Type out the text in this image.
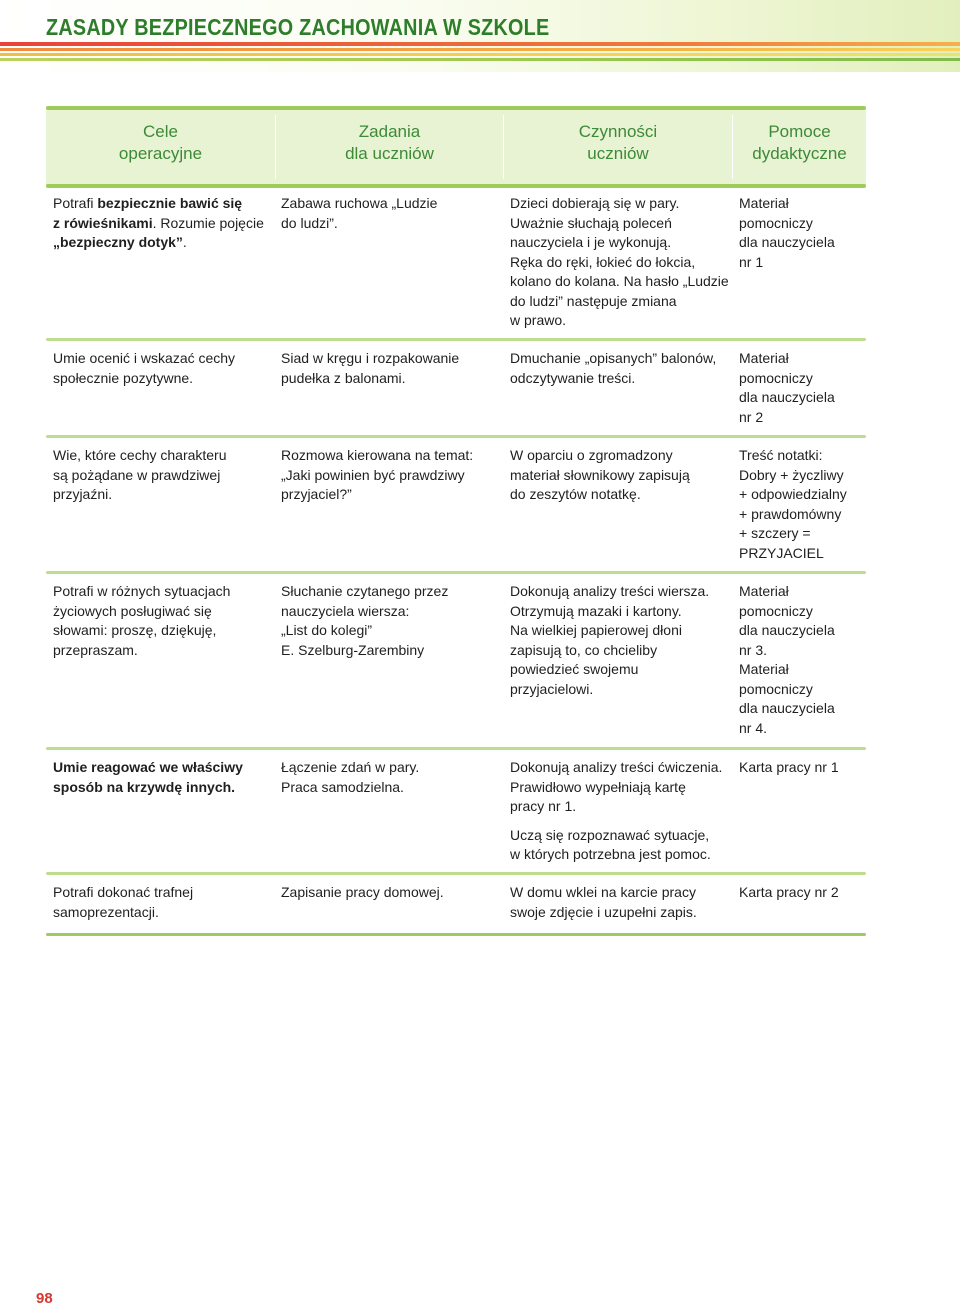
ZASADY BEZPIECZNEGO ZACHOWANIA W SZKOLE
Cele
operacyjne
Zadania
dla uczniów
Czynności
uczniów
Pomoce
dydaktyczne
Potrafi bezpiecznie bawić się
z rówieśnikami. Rozumie pojęcie
„bezpieczny dotyk”.
Zabawa ruchowa „Ludzie
do ludzi”.
Dzieci dobierają się w pary.
Uważnie słuchają poleceń
nauczyciela i je wykonują.
Ręka do ręki, łokieć do łokcia,
kolano do kolana. Na hasło „Ludzie
do ludzi” następuje zmiana
w prawo.
Materiał
pomocniczy
dla nauczyciela
nr 1
Umie ocenić i wskazać cechy
społecznie pozytywne.
Siad w kręgu i rozpakowanie
pudełka z balonami.
Dmuchanie „opisanych” balonów,
odczytywanie treści.
Materiał
pomocniczy
dla nauczyciela
nr 2
Wie, które cechy charakteru
są pożądane w prawdziwej
przyjaźni.
Rozmowa kierowana na temat:
„Jaki powinien być prawdziwy
przyjaciel?”
W oparciu o zgromadzony
materiał słownikowy zapisują
do zeszytów notatkę.
Treść notatki:
Dobry + życzliwy
+ odpowiedzialny
+ prawdomówny
+ szczery =
PRZYJACIEL
Potrafi w różnych sytuacjach
życiowych posługiwać się
słowami: proszę, dziękuję,
przepraszam.
Słuchanie czytanego przez
nauczyciela wiersza:
„List do kolegi”
E. Szelburg-Zarembiny
Dokonują analizy treści wiersza.
Otrzymują mazaki i kartony.
Na wielkiej papierowej dłoni
zapisują to, co chcieliby
powiedzieć swojemu
przyjacielowi.
Materiał
pomocniczy
dla nauczyciela
nr 3.
Materiał
pomocniczy
dla nauczyciela
nr 4.
Umie reagować we właściwy
sposób na krzywdę innych.
Łączenie zdań w pary.
Praca samodzielna.
Dokonują analizy treści ćwiczenia.
Prawidłowo wypełniają kartę
pracy nr 1.
Uczą się rozpoznawać sytuacje,
w których potrzebna jest pomoc.
Karta pracy nr 1
Potrafi dokonać trafnej
samoprezentacji.
Zapisanie pracy domowej.	W domu wklei na karcie pracy
swoje zdjęcie i uzupełni zapis.
Karta pracy nr 2
98
